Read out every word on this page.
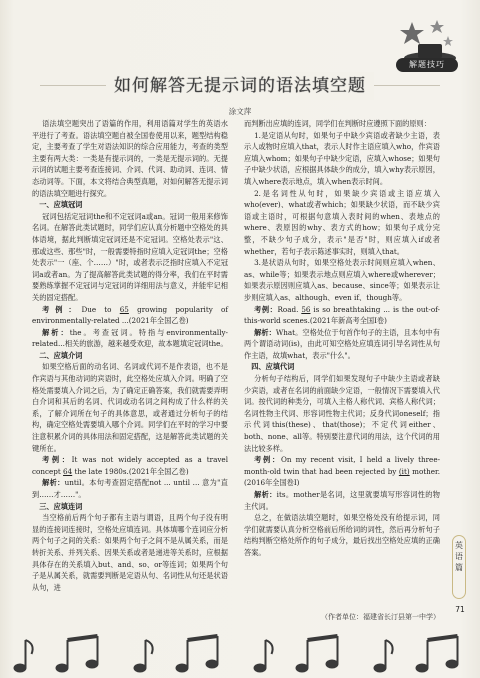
解题技巧
如何解答无提示词的语法填空题
涂文萍

语法填空题突出了语篇的作用，利用语篇对学生的英语水平进行了考查。语法填空题自被全国卷使用以来，题型结构稳定，主要考查了学生对语法知识的综合应用能力，考查的类型主要有两大类：一类是有提示词的，一类是无提示词的。无提示词的试题主要考查连接词、介词、代词、助动词、连词、情态动词等。下面，本文将结合典型真题，对如何解答无提示词的语法填空题进行探究。

一、应填冠词

冠词包括定冠词the和不定冠词a或an。冠词一般用来修饰名词。在解答此类试题时，同学们应认真分析题中空格处的具体语境，据此判断填定冠词还是不定冠词。空格处表示"这、那或这些、那些"时，一般需要特指时应填入定冠词the；空格处表示"一（座、个……）"时，或者表示泛指时应填入不定冠词a或者an。为了提高解答此类试题的得分率，我们在平时需要熟练掌握不定冠词与定冠词的详细用法与意义，并能牢记相关的固定搭配。

考例：Due to 65 growing popularity of environmentally-related ...(2021年全国乙卷)

解析：the。考查冠词。特指与environmentally-related...相关的旅游，越来越受欢迎，故本题填定冠词the。

二、应填介词

如果空格后面的动名词、名词或代词不是作表语，也不是作宾语与其他动词的宾语时，此空格处应填入介词。明确了空格处需要填入介词之后，为了确定正确答案，我们就需要弄明白介词和其后的名词、代词或动名词之间构成了什么样的关系，了解介词所在句子的具体意思，或者通过分析句子的结构，确定空格处需要填入哪个介词。同学们在平时的学习中要注意积累介词的具体用法和固定搭配，这是解答此类试题的关键所在。

考例：It was not widely accepted as a travel concept 64 the late 1980s.(2021年全国乙卷)

解析：until。本句考查固定搭配not ... until ... 意为"直到……才……"。

三、应填连词

当空格前后两个句子都有主语与谓语，且两个句子没有明显的连接词连接时，空格处应填连词。具体填哪个连词应分析两个句子之间的关系：如果两个句子之间不是从属关系，而是转折关系、并列关系、因果关系或者是递进等关系时，应根据具体存在的关系填入but、and、so、or等连词；如果两个句子是从属关系，就需要判断是定语从句、名词性从句还是状语从句，进

而判断出应填的连词，同学们在判断时应遵照下面的原则：

1.是定语从句时，如果句子中缺少宾语或者缺少主语，表示人或物时应填入that，表示人时作主语应填入who，作宾语应填入whom；如果句子中缺少定语，应填入whose；如果句子中缺少状语，应根据具体缺少的成分，填入why表示原因，填入where表示地点，填入when表示时间。

2.是名词性从句时，如果缺少宾语或主语应填入who(ever)、what或者which；如果缺少状语，而不缺少宾语或主语时，可根据句意填入表时间的when、表地点的where、表原因的why、表方式的how；如果句子成分完整，不缺少句子成分，表示"是否"时，则应填入if或者whether，若句子表示陈述事实时，则填入that。

3.是状语从句时，如果空格处表示时间则应填入when、as、while等；如果表示地点则应填入where或wherever；如果表示原因则应填入as、because、since等；如果表示让步则应填入as、although、even if、though等。

考例：Road. 56 is so breathtaking ... is the out-of-this-world scenes.(2021年新高考全国Ⅰ卷)

解析：What。空格处位于句首作句子的主语，且本句中有两个谓语动词(is)，由此可知空格处应填连词引导名词性从句作主语，故填what，表示"什么"。

四、应填代词

分析句子结构后，同学们如果发现句子中缺少主语或者缺少宾语，或者在名词的前面缺少定语，一般情况下需要填入代词。按代词的种类分，可填入主格人称代词、宾格人称代词；名词性物主代词、形容词性物主代词；反身代词oneself；指示代词this(these)、that(those)；不定代词either、both、none、all等。特别要注意代词的用法，这个代词的用法比较多样。

考例：On my recent visit, I held a lively three-month-old twin that had been rejected by (it) mother.(2016年全国卷Ⅰ)

解析：its。mother是名词，这里就要填写形容词性的物主代词。

总之，在做语法填空题时，如果空格处没有给提示词，同学们就需要认真分析空格前后所给词的词性，然后再分析句子结构判断空格处所作的句子成分，最后找出空格处应填的正确答案。

英语篇
71
（作者单位：福建省长汀县第一中学）
